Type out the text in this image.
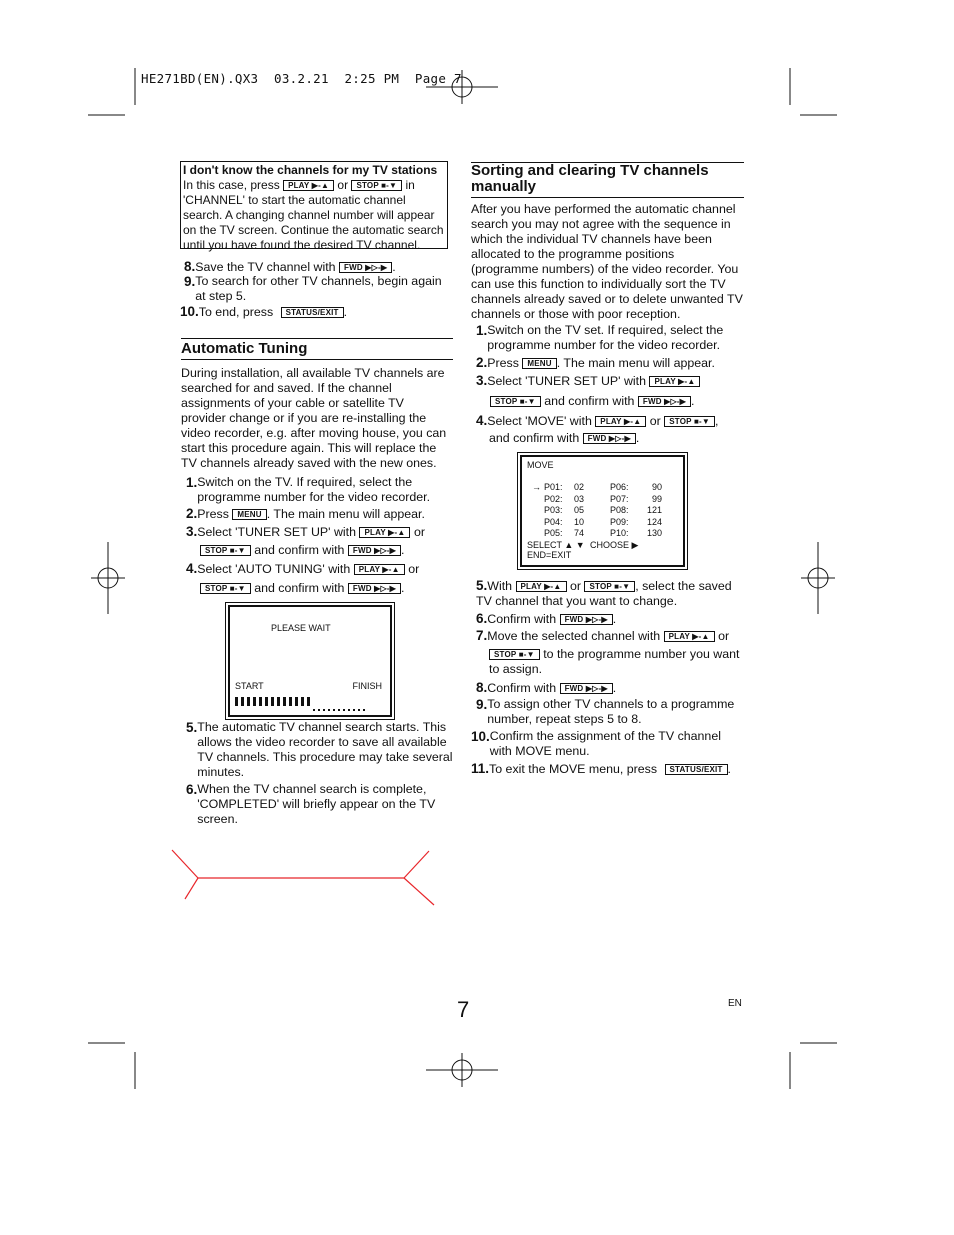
HE271BD(EN).QX3  03.2.21  2:25 PM  Page 7
I don't know the channels for my TV stations
In this case, press PLAY ▶-▲ or STOP ■-▼ in 'CHANNEL' to start the automatic channel search. A changing channel number will appear on the TV screen. Continue the automatic search until you have found the desired TV channel.
8.Save the TV channel with FWD ▶▷-▶ .
9. To search for other TV channels, begin again at step 5.
10.To end, press STATUS/EXIT .
Automatic Tuning
During installation, all available TV channels are searched for and saved. If the channel assignments of your cable or satellite TV provider change or if you are re-installing the video recorder, e.g. after moving house, you can start this procedure again. This will replace the TV channels already saved with the new ones.
1. Switch on the TV. If required, select the programme number for the video recorder.
2.Press MENU . The main menu will appear.
3.Select 'TUNER SET UP' with PLAY ▶-▲ or
STOP ■-▼ and confirm with FWD ▶▷-▶ .
4.Select 'AUTO TUNING' with PLAY ▶-▲ or
STOP ■-▼ and confirm with FWD ▶▷-▶ .
PLEASE WAIT
START	FINISH
5. The automatic TV channel search starts. This allows the video recorder to save all available TV channels. This procedure may take several minutes.
6. When the TV channel search is complete, 'COMPLETED' will briefly appear on the TV screen.
Sorting and clearing TV channels manually
After you have performed the automatic channel search you may not agree with the sequence in which the individual TV channels have been allocated to the programme positions (programme numbers) of the video recorder. You can use this function to individually sort the TV channels already saved or to delete unwanted TV channels or those with poor reception.
1. Switch on the TV set. If required, select the programme number for the video recorder.
2.Press MENU . The main menu will appear.
3.Select 'TUNER SET UP' with PLAY ▶-▲
STOP ■-▼ and confirm with FWD ▶▷-▶ .
4.Select 'MOVE' with PLAY ▶-▲ or STOP ■-▼ ,
and confirm with FWD ▶▷-▶ .
MOVE
→	P01:	02	P06:	90
	P02:	03	P07:	99
	P03:	05	P08:	121
	P04:	10	P09:	124
	P05:	74	P10:	130
SELECT ▲ ▼ CHOOSE ▶
END=EXIT
5.With PLAY ▶-▲ or STOP ■-▼ , select the saved TV channel that you want to change.
6.Confirm with FWD ▶▷-▶ .
7.Move the selected channel with PLAY ▶-▲ or
STOP ■-▼ to the programme number you want to assign.
8.Confirm with FWD ▶▷-▶ .
9. To assign other TV channels to a programme number, repeat steps 5 to 8.
10. Confirm the assignment of the TV channel with MOVE menu.
11.To exit the MOVE menu, press STATUS/EXIT .
7	EN
